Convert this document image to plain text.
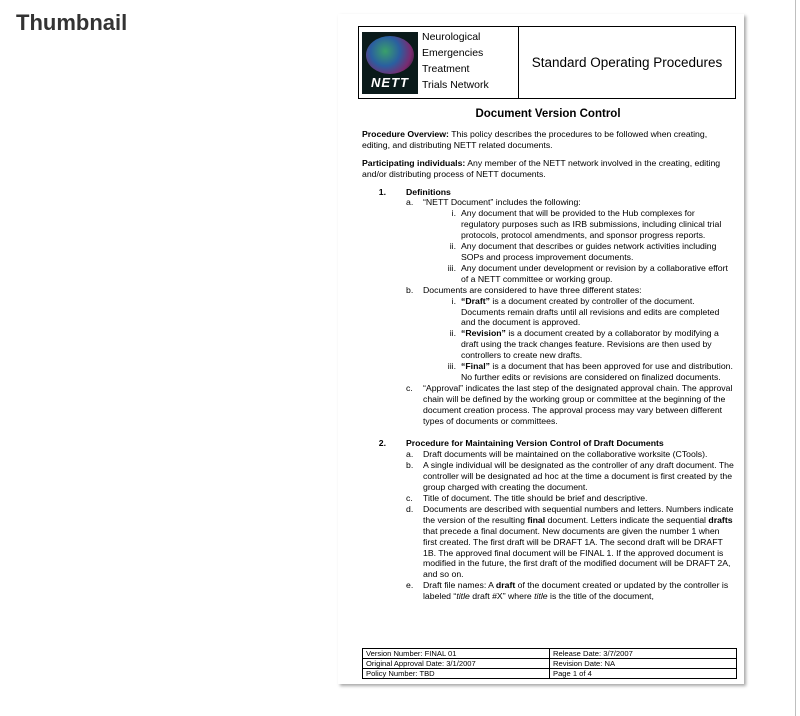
Thumbnail
NETT
Neurological
Emergencies
Treatment
Trials Network
Standard Operating Procedures
Document Version Control
Procedure Overview: This policy describes the procedures to be followed when creating, editing, and distributing NETT related documents.
Participating individuals: Any member of the NETT network involved in the creating, editing and/or distributing process of NETT documents.
1.	Definitions
a.	“NETT Document” includes the following:
i. Any document that will be provided to the Hub complexes for regulatory purposes such as IRB submissions, including clinical trial protocols, protocol amendments, and sponsor progress reports.
ii. Any document that describes or guides network activities including SOPs and process improvement documents.
iii. Any document under development or revision by a collaborative effort of a NETT committee or working group.
b.	Documents are considered to have three different states:
i. “Draft” is a document created by controller of the document. Documents remain drafts until all revisions and edits are completed and the document is approved.
ii. “Revision” is a document created by a collaborator by modifying a draft using the track changes feature. Revisions are then used by controllers to create new drafts.
iii. “Final” is a document that has been approved for use and distribution. No further edits or revisions are considered on finalized documents.
c.	“Approval” indicates the last step of the designated approval chain. The approval chain will be defined by the working group or committee at the beginning of the document creation process. The approval process may vary between different types of documents or committees.
2.	Procedure for Maintaining Version Control of Draft Documents
a.	Draft documents will be maintained on the collaborative worksite (CTools).
b.	A single individual will be designated as the controller of any draft document. The controller will be designated ad hoc at the time a document is first created by the group charged with creating the document.
c.	Title of document. The title should be brief and descriptive.
d.	Documents are described with sequential numbers and letters. Numbers indicate the version of the resulting final document. Letters indicate the sequential drafts that precede a final document. New documents are given the number 1 when first created. The first draft will be DRAFT 1A. The second draft will be DRAFT 1B. The approved final document will be FINAL 1. If the approved document is modified in the future, the first draft of the modified document will be DRAFT 2A, and so on.
e.	Draft file names: A draft of the document created or updated by the controller is labeled “title draft #X” where title is the title of the document,
Version Number: FINAL 01	Release Date: 3/7/2007
Original Approval Date: 3/1/2007	Revision Date: NA
Policy Number: TBD	Page 1 of 4
